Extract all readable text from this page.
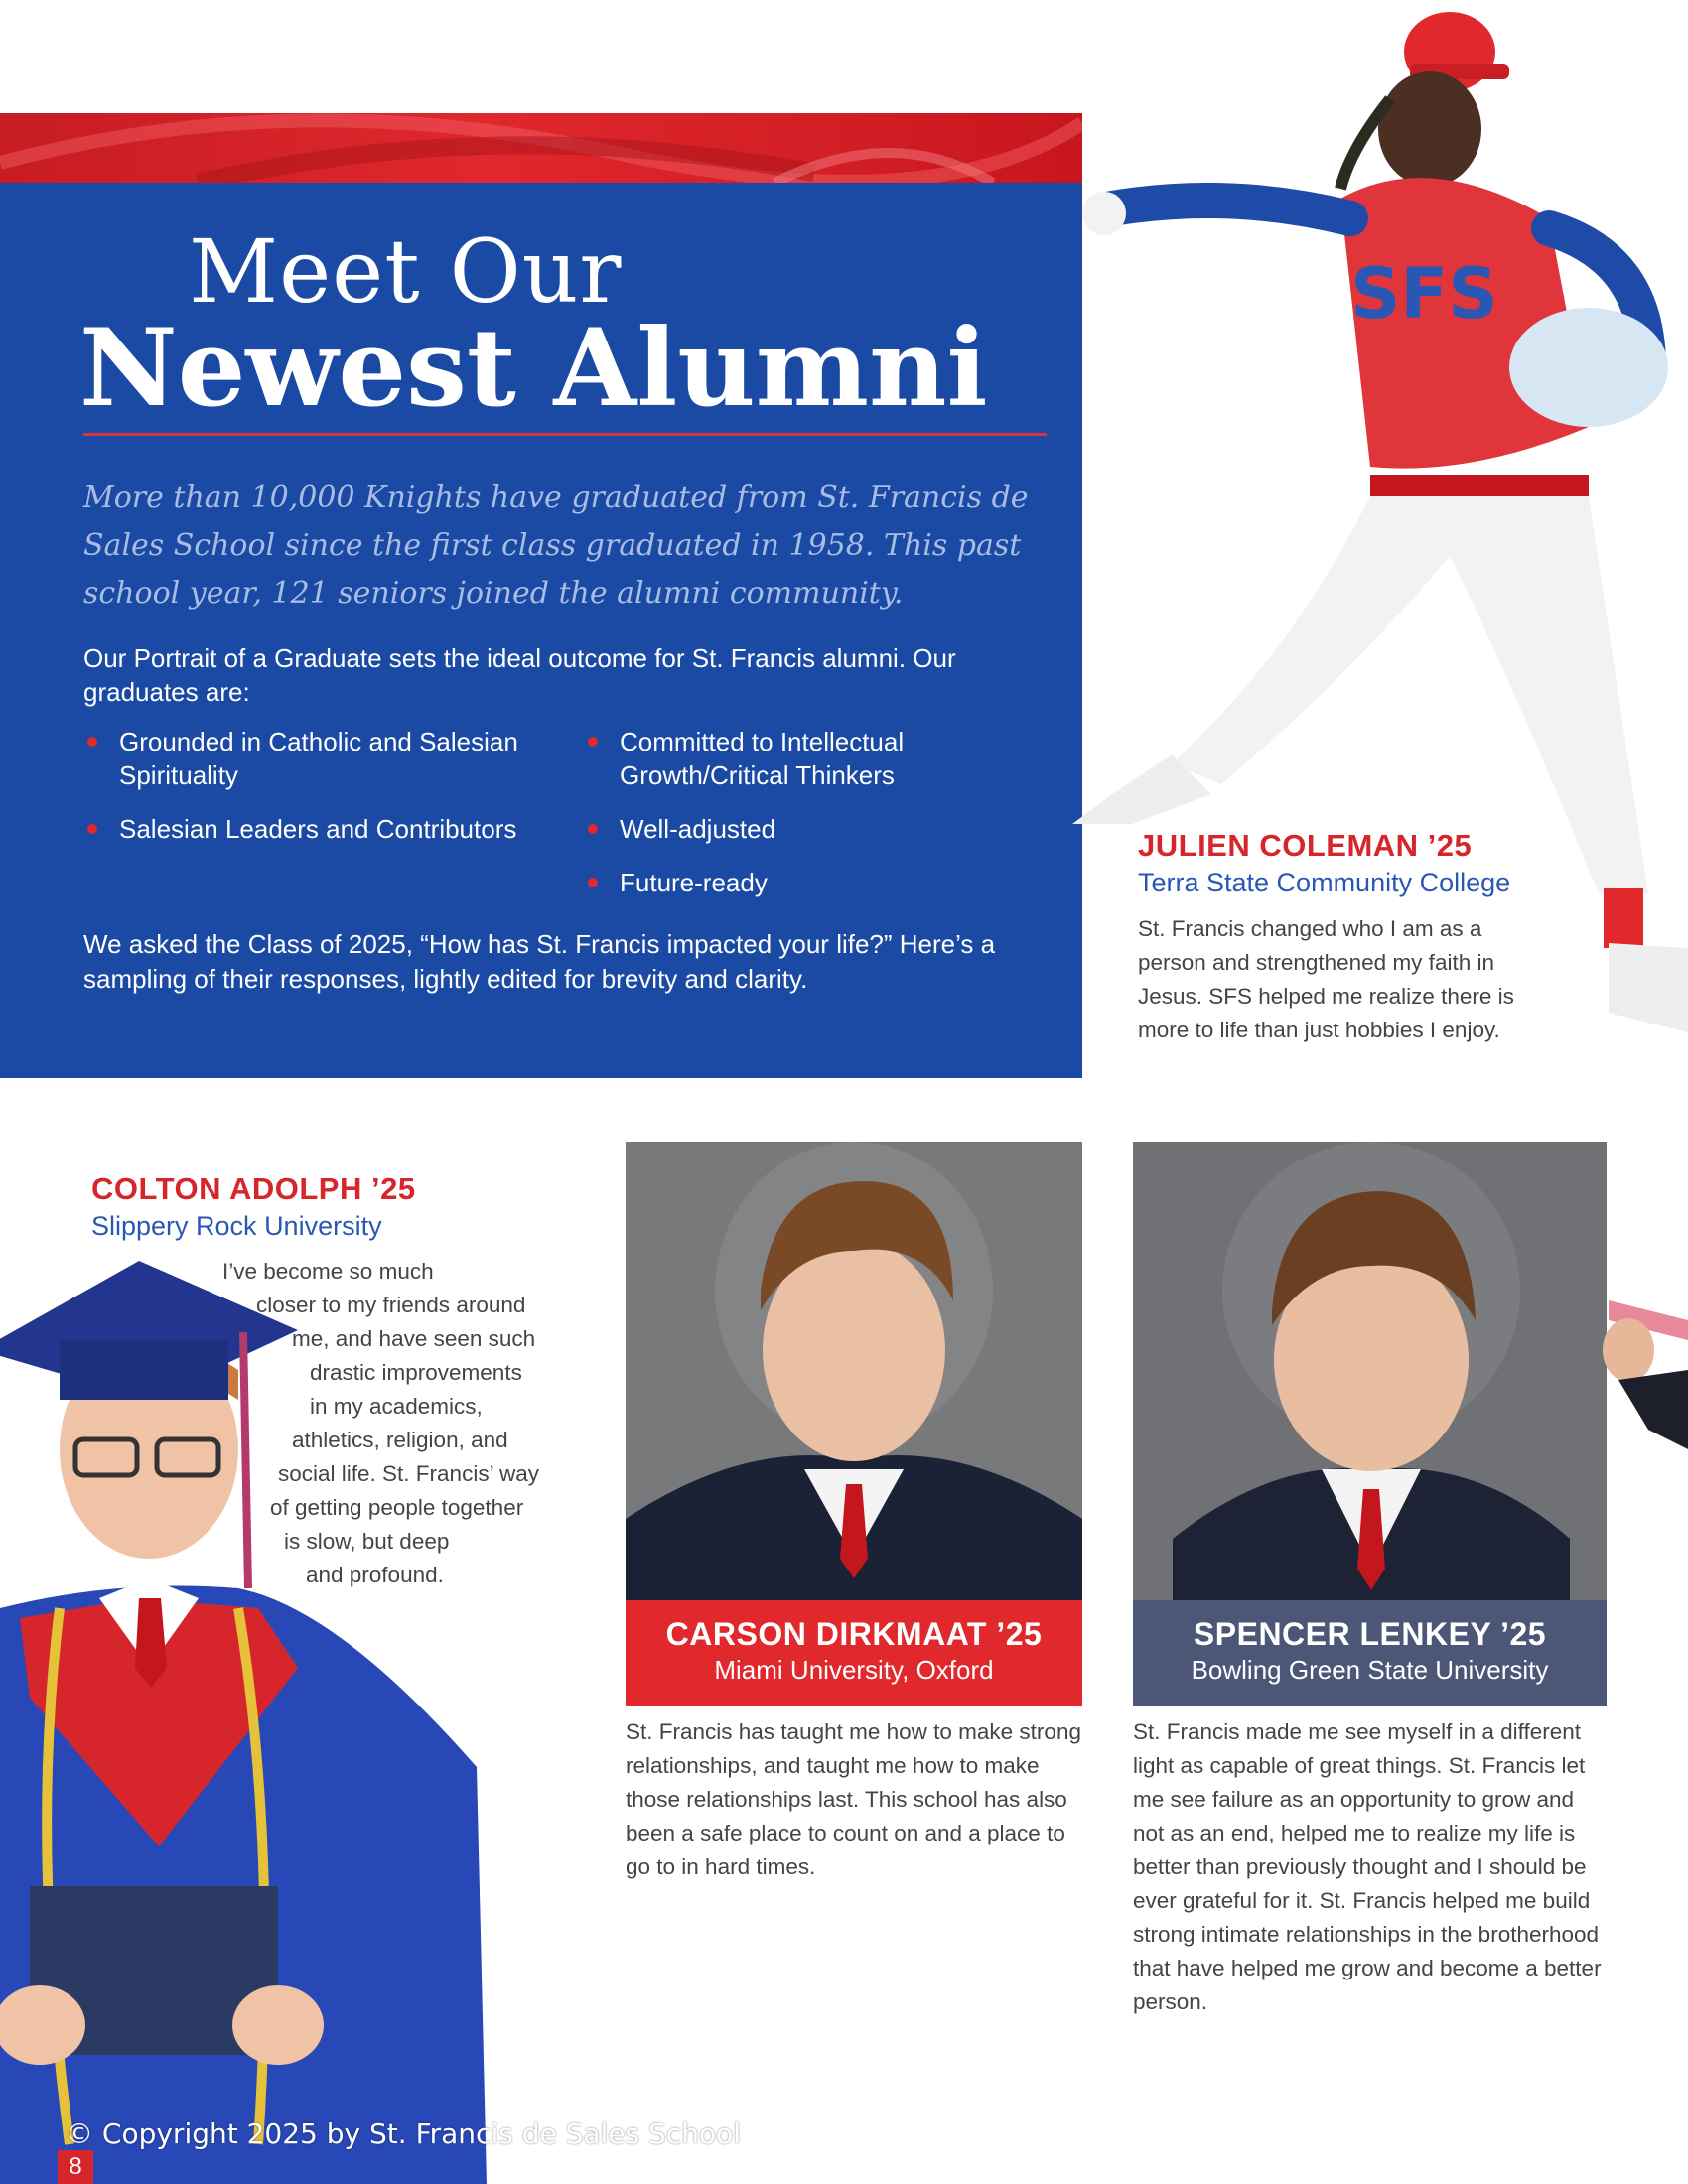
Meet Our
Newest Alumni

More than 10,000 Knights have graduated from St. Francis de Sales School since the first class graduated in 1958. This past school year, 121 seniors joined the alumni community.

Our Portrait of a Graduate sets the ideal outcome for St. Francis alumni. Our graduates are:

Grounded in Catholic and Salesian Spirituality
Salesian Leaders and Contributors
Committed to Intellectual Growth/Critical Thinkers
Well-adjusted
Future-ready

We asked the Class of 2025, “How has St. Francis impacted your life?” Here’s a sampling of their responses, lightly edited for brevity and clarity.

SFS
JULIEN COLEMAN ’25
Terra State Community College

St. Francis changed who I am as a person and strengthened my faith in Jesus. SFS helped me realize there is more to life than just hobbies I enjoy.

COLTON ADOLPH ’25
Slippery Rock University
I’ve become so much
closer to my friends around
me, and have seen such
drastic improvements
in my academics,
athletics, religion, and
social life. St. Francis’ way
of getting people together
is slow, but deep
and profound.
CARSON DIRKMAAT ’25
Miami University, Oxford

St. Francis has taught me how to make strong relationships, and taught me how to make those relationships last. This school has also been a safe place to count on and a place to go to in hard times.

SPENCER LENKEY ’25
Bowling Green State University

St. Francis made me see myself in a different light as capable of great things. St. Francis let me see failure as an opportunity to grow and not as an end, helped me to realize my life is better than previously thought and I should be ever grateful for it. St. Francis helped me build strong intimate relationships in the brotherhood that have helped me grow and become a better person.

© Copyright 2025 by St. Francis de Sales School
8
